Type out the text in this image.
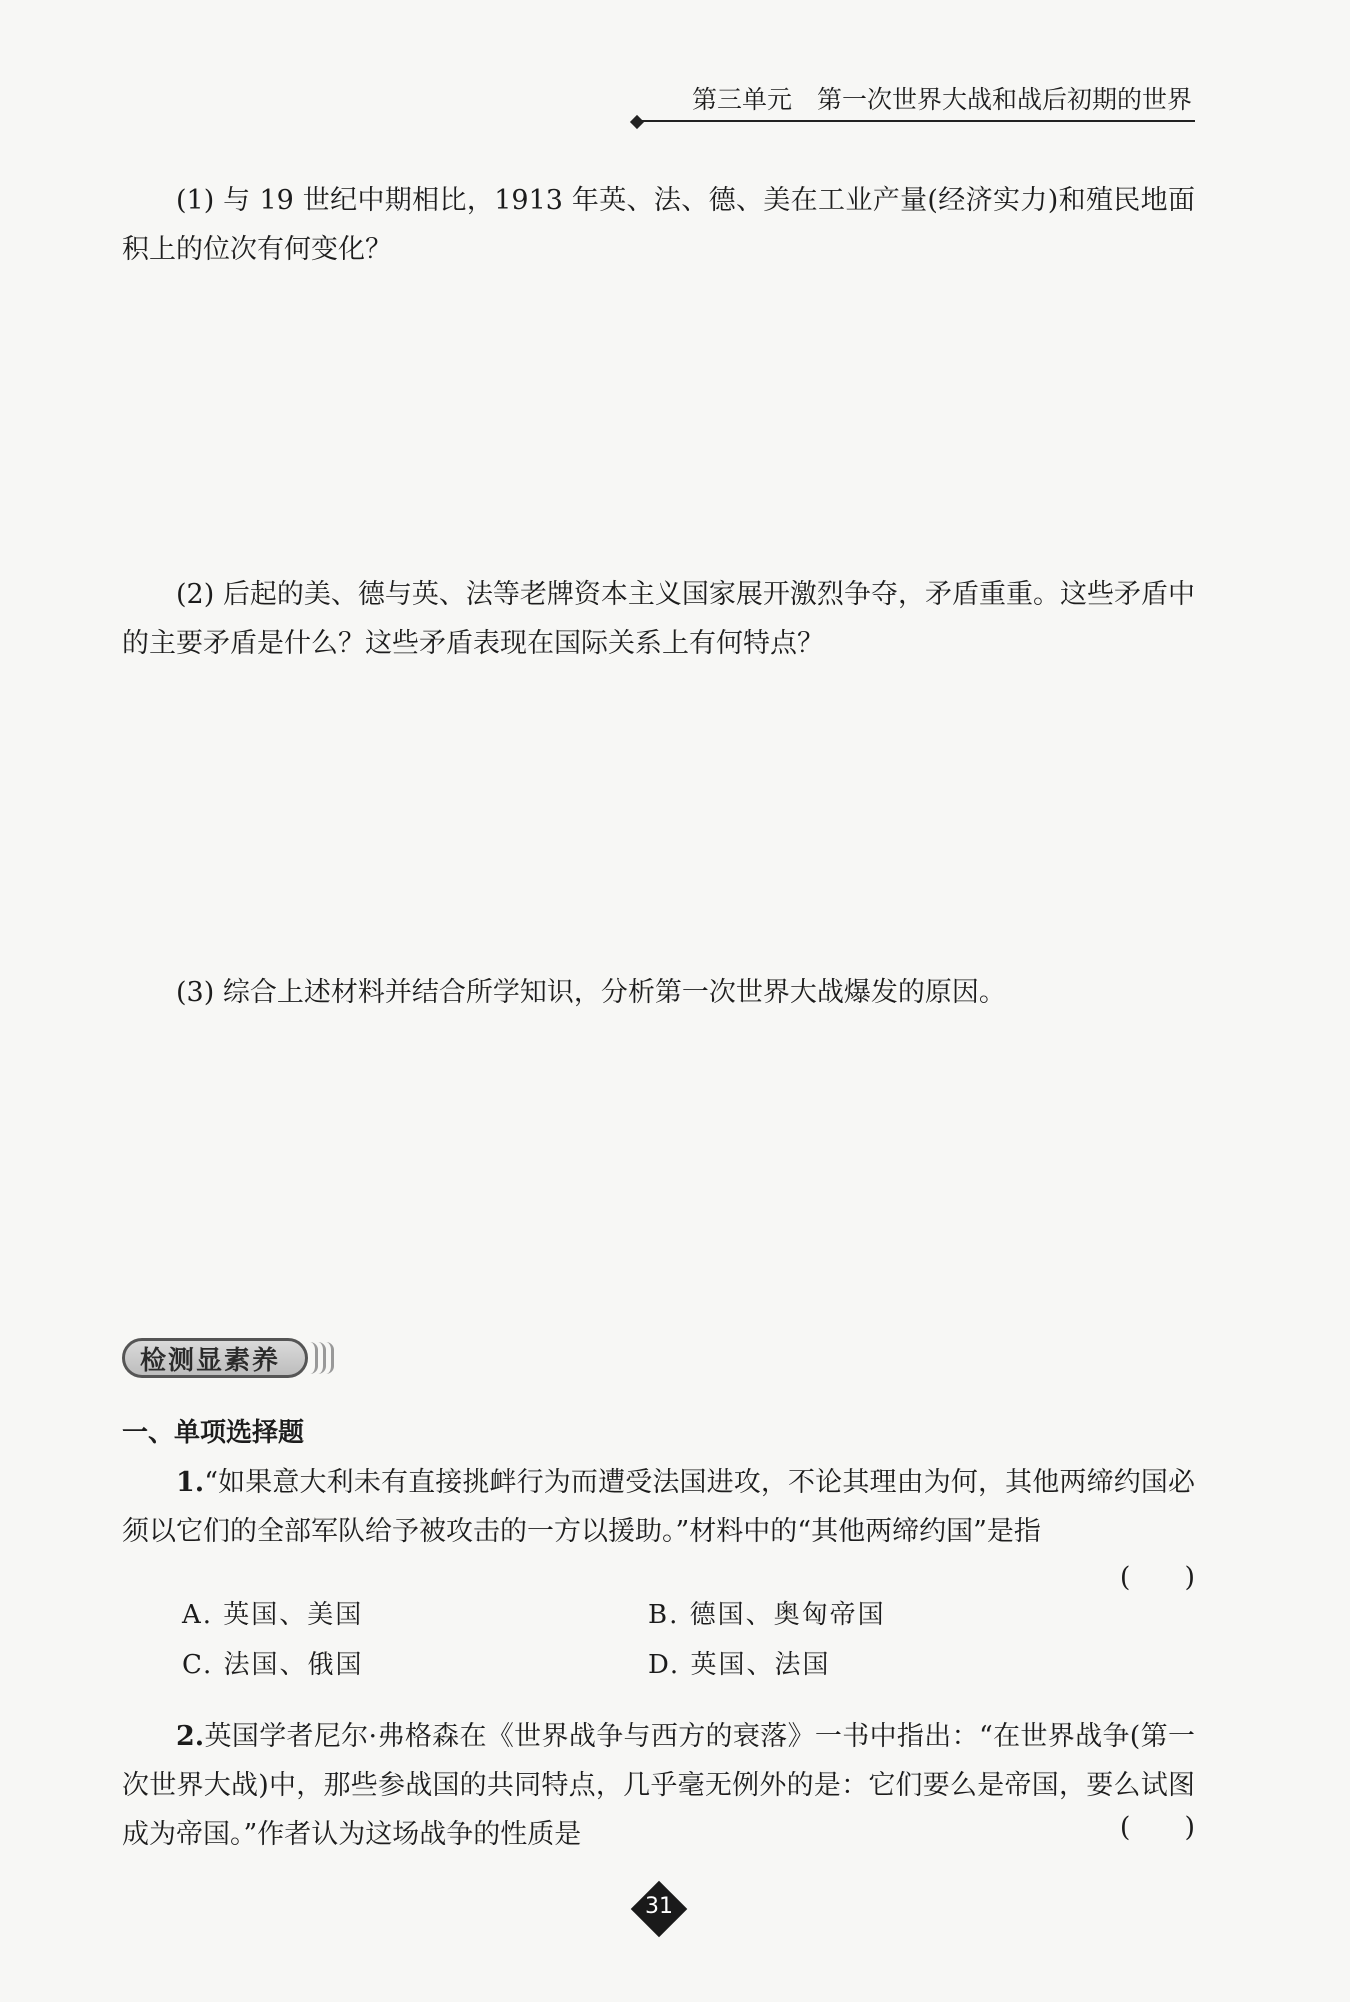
第三单元　第一次世界大战和战后初期的世界

(1) 与 19 世纪中期相比，1913 年英、法、德、美在工业产量(经济实力)和殖民地面积上的位次有何变化？

(2) 后起的美、德与英、法等老牌资本主义国家展开激烈争夺，矛盾重重。这些矛盾中的主要矛盾是什么？这些矛盾表现在国际关系上有何特点？

(3) 综合上述材料并结合所学知识，分析第一次世界大战爆发的原因。

检测显素养
一、单项选择题

1.“如果意大利未有直接挑衅行为而遭受法国进攻，不论其理由为何，其他两缔约国必须以它们的全部军队给予被攻击的一方以援助。”材料中的“其他两缔约国”是指

(　　)
A. 英国、美国	B. 德国、奥匈帝国
C. 法国、俄国	D. 英国、法国

2.英国学者尼尔·弗格森在《世界战争与西方的衰落》一书中指出：“在世界战争(第一次世界大战)中，那些参战国的共同特点，几乎毫无例外的是：它们要么是帝国，要么试图成为帝国。”作者认为这场战争的性质是	(　　)
31
